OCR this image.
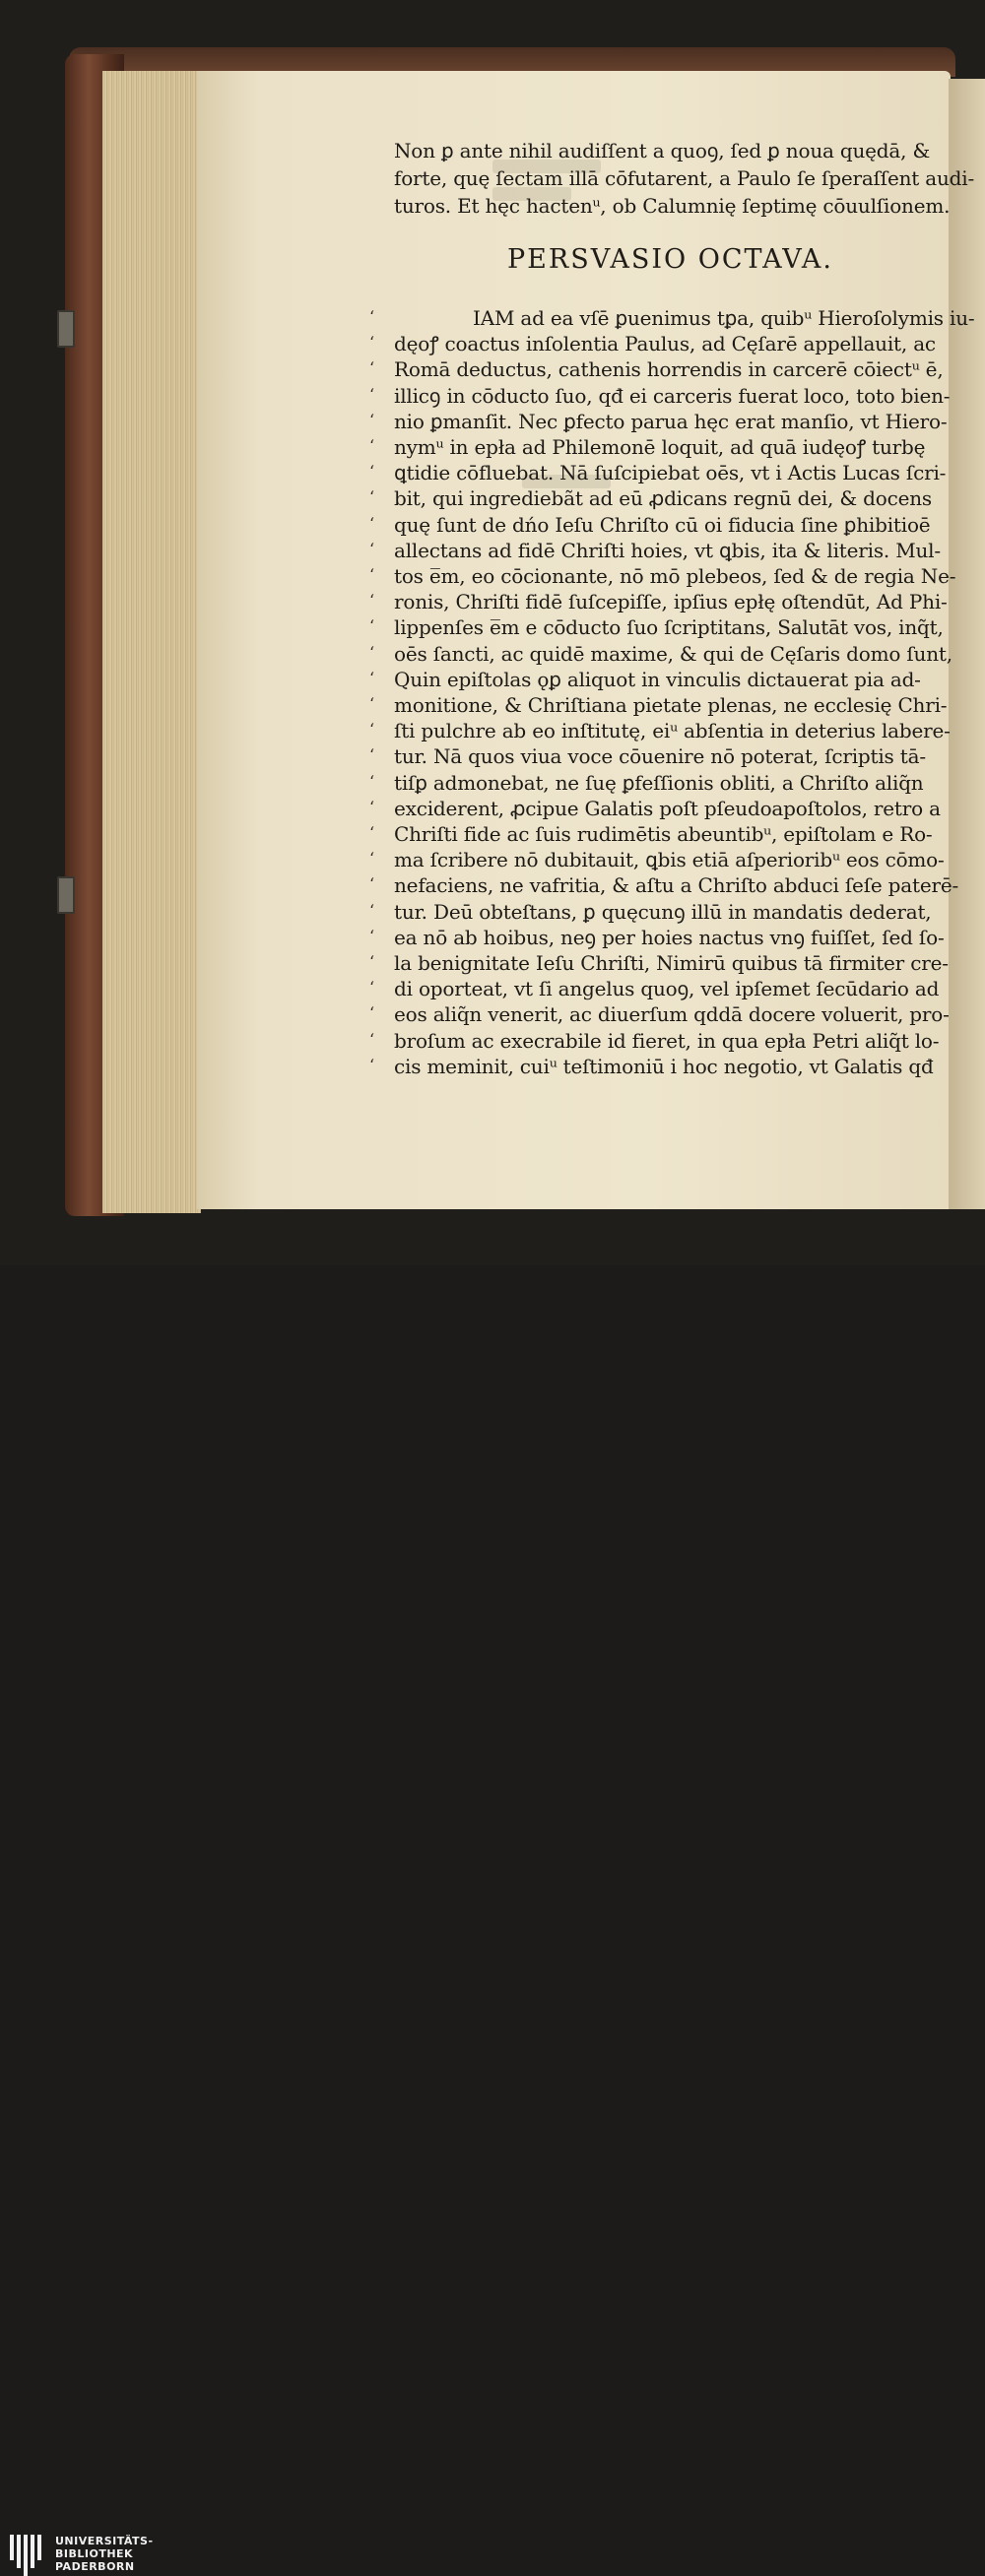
Non ꝑ ante nihil audiſſent a quoꝯ, ſed ꝑ noua quędā, &
forte, quę ſectam illā cōfutarent, a Paulo ſe ſperaſſent audi-
turos. Et hęc hactenᵘ, ob Calumnię ſeptimę cōuulſionem.
PERSVASIO OCTAVA.
‘	IAM ad ea vſē ꝑuenimus tꝑa, quibᵘ Hieroſolymis iu-
‘ dęoꝭ coactus inſolentia Paulus, ad Cęſarē appellauit, ac
‘ Romā deductus, cathenis horrendis in carcerē cōiectᵘ ē,
‘ illicꝯ in cōducto ſuo, qđ ei carceris fuerat loco, toto bien-
‘ nio ꝑmanſit. Nec ꝑfecto parua hęc erat manſio, vt Hiero-
‘ nymᵘ in epła ad Philemonē loquit, ad quā iudęoꝭ turbę
‘ ꝗtidie cōfluebat. Nā ſuſcipiebat oēs, vt i Actis Lucas ſcri-
‘ bit, qui ingrediebãt ad eū ꝓdicans regnū dei, & docens
‘ quę ſunt de dńo Ieſu Chriſto cū oi fiducia ſine ꝑhibitioē
‘ allectans ad fidē Chriſti hoies, vt ꝗbis, ita & literis. Mul-
‘ tos e̅m, eo cōcionante, nō mō plebeos, ſed & de regia Ne-
‘ ronis, Chriſti fidē ſuſcepiſſe, ipſius epłę oſtendūt, Ad Phi-
‘ lippenſes e̅m e cōducto ſuo ſcriptitans, Salutāt vos, inq̃t,
‘ oēs ſancti, ac quidē maxime, & qui de Cęſaris domo ſunt,
‘ Quin epiſtolas ǫꝑ aliquot in vinculis dictauerat pia ad-
‘ monitione, & Chriſtiana pietate plenas, ne ecclesię Chri-
‘ ſti pulchre ab eo inſtitutę, eiᵘ abſentia in deterius labere-
‘ tur. Nā quos viua voce cōuenire nō poterat, ſcriptis tā-
‘ tiſꝑ admonebat, ne ſuę ꝑfeſſionis obliti, a Chriſto aliq̃n
‘ exciderent, ꝓcipue Galatis poſt pſeudoapoſtolos, retro a
‘ Chriſti fide ac ſuis rudimētis abeuntibᵘ, epiſtolam e Ro-
‘ ma ſcribere nō dubitauit, ꝗbis etiā aſperioribᵘ eos cōmo-
‘ nefaciens, ne vafritia, & aſtu a Chriſto abduci ſeſe paterē-
‘ tur. Deū obteſtans, ꝑ quęcunꝯ illū in mandatis dederat,
‘ ea nō ab hoibus, neꝯ per hoies nactus vnꝯ fuiſſet, ſed ſo-
‘ la benignitate Ieſu Chriſti, Nimirū quibus tā firmiter cre-
‘ di oporteat, vt ſi angelus quoꝯ, vel ipſemet ſecūdario ad
‘ eos aliq̃n venerit, ac diuerſum qddā docere voluerit, pro-
‘ broſum ac execrabile id fieret, in qua epła Petri aliq̃t lo-
‘ cis meminit, cuiᵘ teſtimoniū i hoc negotio, vt Galatis qđ
UNIVERSITÄTS-
BIBLIOTHEK
PADERBORN
